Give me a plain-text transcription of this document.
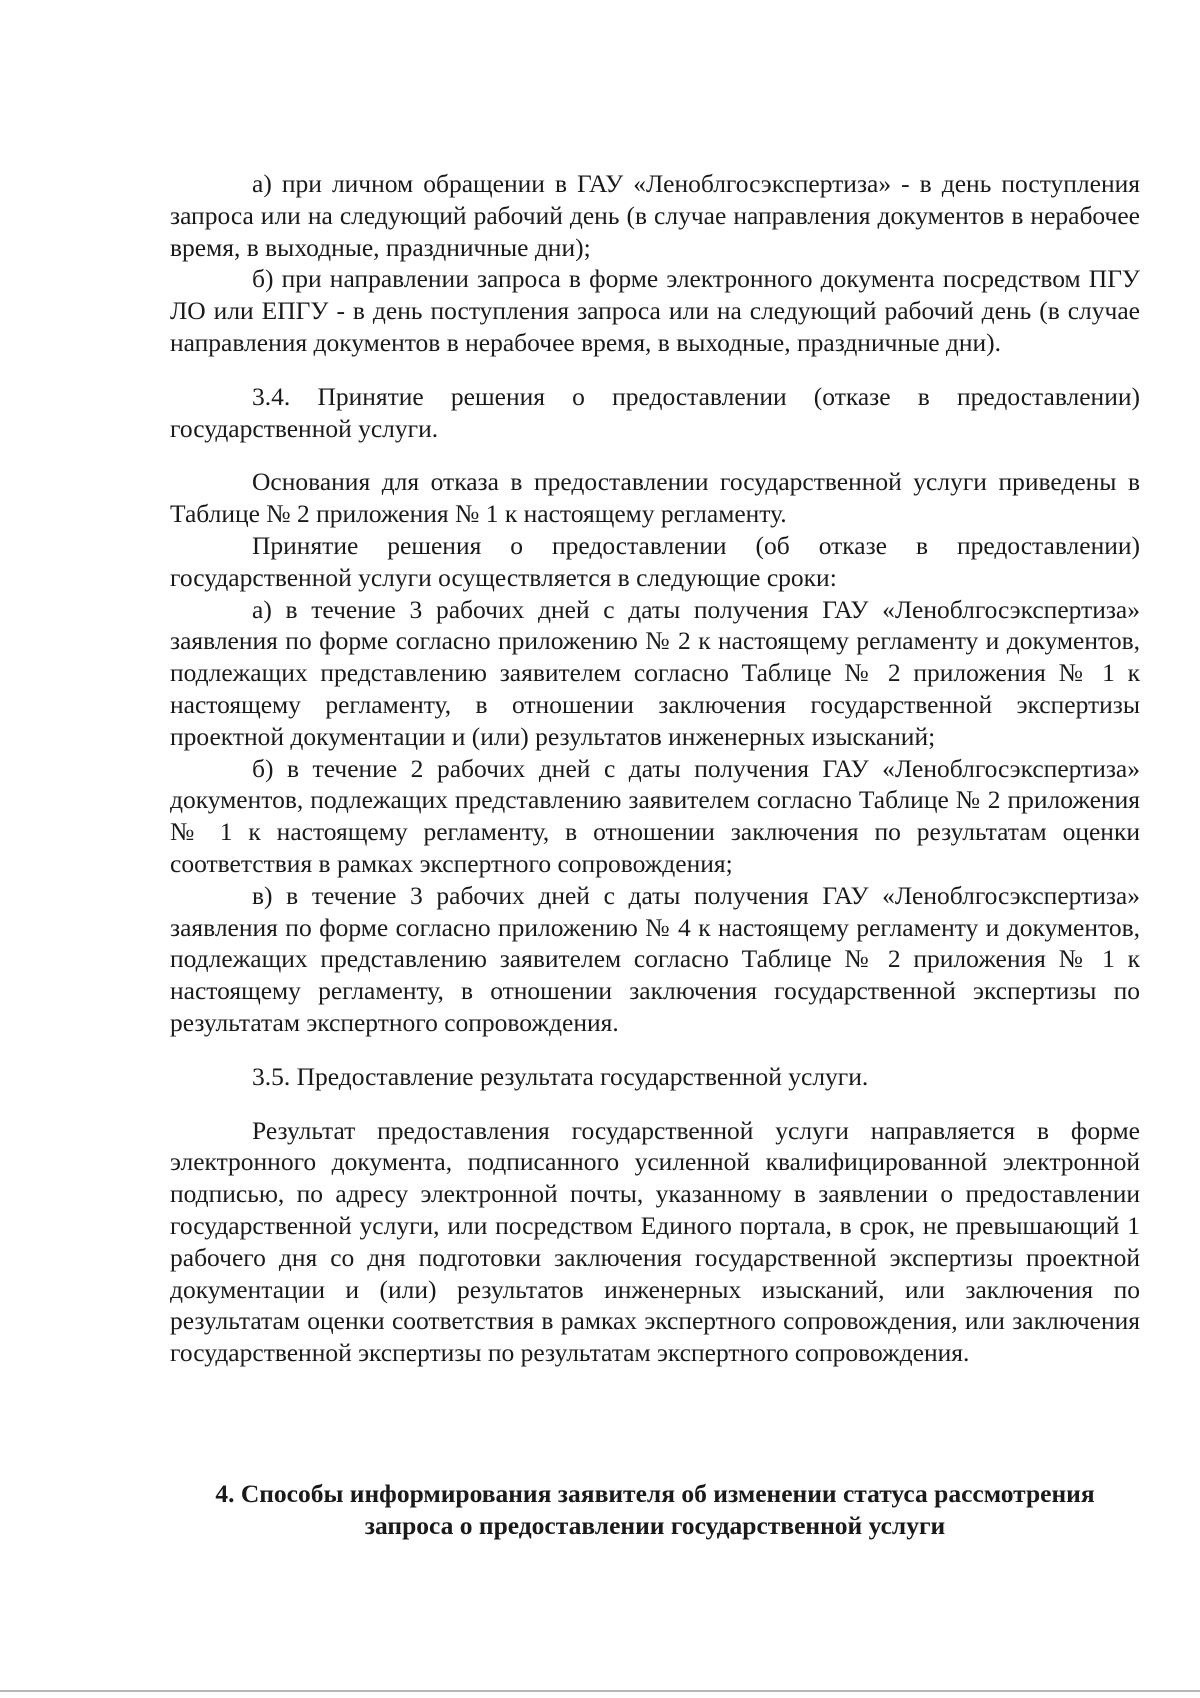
а) при личном обращении в ГАУ «Леноблгосэкспертиза» - в день поступления запроса или на следующий рабочий день (в случае направления документов в нерабочее время, в выходные, праздничные дни);

б) при направлении запроса в форме электронного документа посредством ПГУ ЛО или ЕПГУ - в день поступления запроса или на следующий рабочий день (в случае направления документов в нерабочее время, в выходные, праздничные дни).

3.4. Принятие решения о предоставлении (отказе в предоставлении) государственной услуги.

Основания для отказа в предоставлении государственной услуги приведены в Таблице № 2 приложения № 1 к настоящему регламенту.

Принятие решения о предоставлении (об отказе в предоставлении) государственной услуги осуществляется в следующие сроки:

а) в течение 3 рабочих дней с даты получения ГАУ «Леноблгосэкспертиза» заявления по форме согласно приложению № 2 к настоящему регламенту и документов, подлежащих представлению заявителем согласно Таблице № 2 приложения № 1 к настоящему регламенту, в отношении заключения государственной экспертизы проектной документации и (или) результатов инженерных изысканий;

б) в течение 2 рабочих дней с даты получения ГАУ «Леноблгосэкспертиза» документов, подлежащих представлению заявителем согласно Таблице № 2 приложения № 1 к настоящему регламенту, в отношении заключения по результатам оценки соответствия в рамках экспертного сопровождения;

в) в течение 3 рабочих дней с даты получения ГАУ «Леноблгосэкспертиза» заявления по форме согласно приложению № 4 к настоящему регламенту и документов, подлежащих представлению заявителем согласно Таблице № 2 приложения № 1 к настоящему регламенту, в отношении заключения государственной экспертизы по результатам экспертного сопровождения.

3.5. Предоставление результата государственной услуги.

Результат предоставления государственной услуги направляется в форме электронного документа, подписанного усиленной квалифицированной электронной подписью, по адресу электронной почты, указанному в заявлении о предоставлении государственной услуги, или посредством Единого портала, в срок, не превышающий 1 рабочего дня со дня подготовки заключения государственной экспертизы проектной документации и (или) результатов инженерных изысканий, или заключения по результатам оценки соответствия в рамках экспертного сопровождения, или заключения государственной экспертизы по результатам экспертного сопровождения.

4. Способы информирования заявителя об изменении статуса рассмотрения запроса о предоставлении государственной услуги
